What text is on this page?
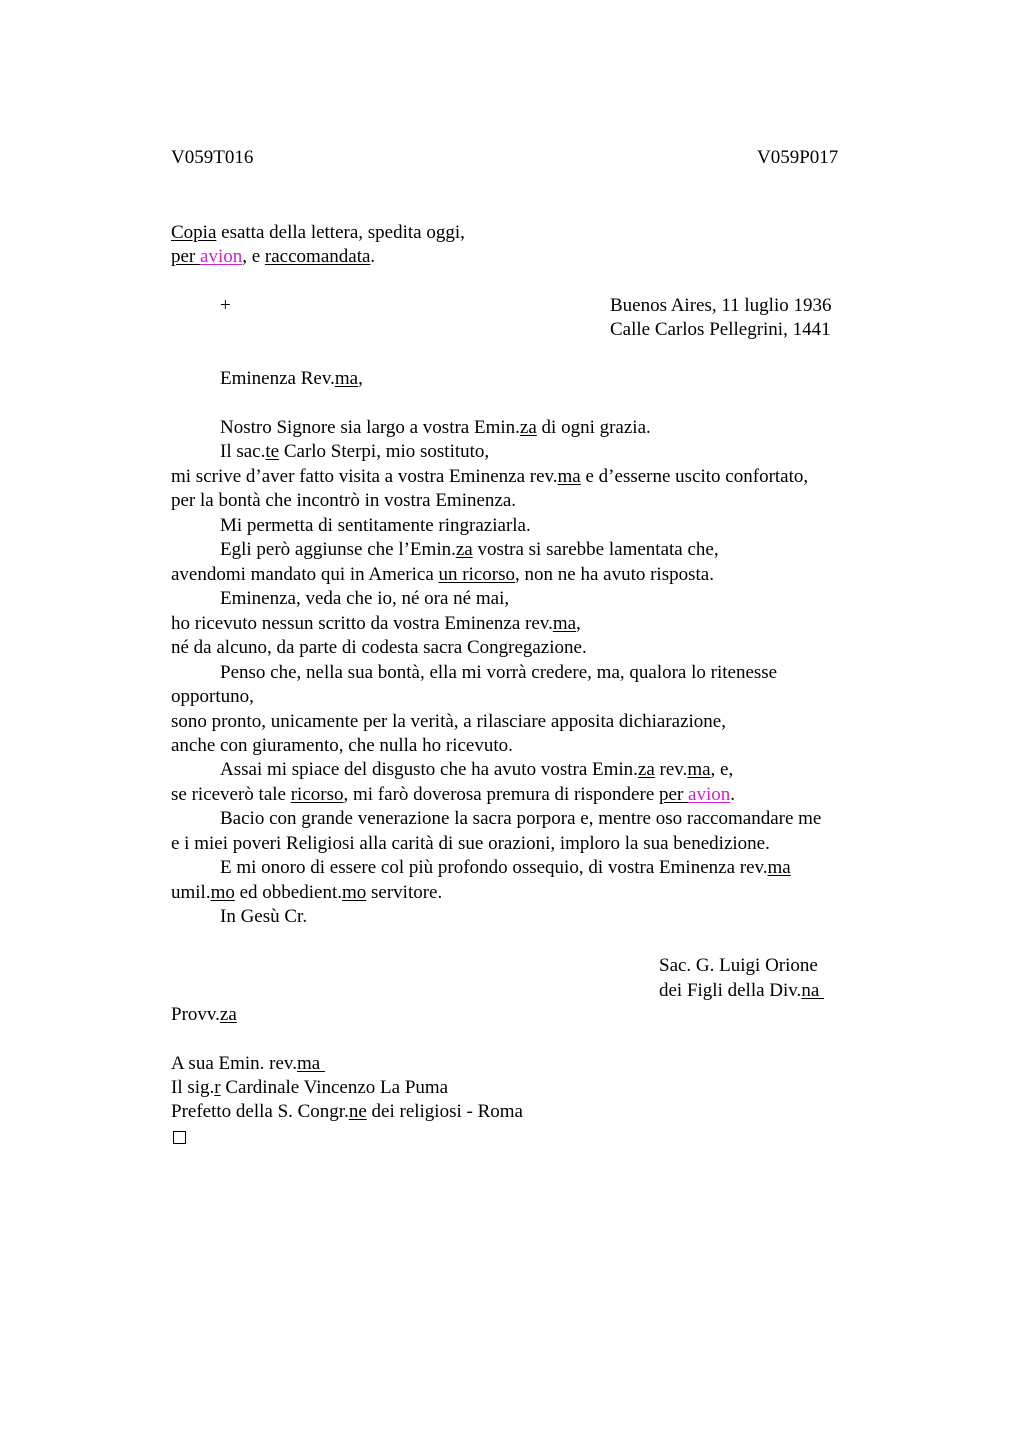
V059T016	V059P017
Copia esatta della lettera, spedita oggi,
per avion, e raccomandata.
+	Buenos Aires, 11 luglio 1936
Calle Carlos Pellegrini, 1441
Eminenza Rev.ma,
Nostro Signore sia largo a vostra Emin.za di ogni grazia.
Il sac.te Carlo Sterpi, mio sostituto,
mi scrive d’aver fatto visita a vostra Eminenza rev.ma e d’esserne uscito confortato,
per la bontà che incontrò in vostra Eminenza.
Mi permetta di sentitamente ringraziarla.
Egli però aggiunse che l’Emin.za vostra si sarebbe lamentata che,
avendomi mandato qui in America un ricorso, non ne ha avuto risposta.
Eminenza, veda che io, né ora né mai,
ho ricevuto nessun scritto da vostra Eminenza rev.ma,
né da alcuno, da parte di codesta sacra Congregazione.
Penso che, nella sua bontà, ella mi vorrà credere, ma, qualora lo ritenesse
opportuno,
sono pronto, unicamente per la verità, a rilasciare apposita dichiarazione,
anche con giuramento, che nulla ho ricevuto.
Assai mi spiace del disgusto che ha avuto vostra Emin.za rev.ma, e,
se riceverò tale ricorso, mi farò doverosa premura di rispondere per avion.
Bacio con grande venerazione la sacra porpora e, mentre oso raccomandare me
e i miei poveri Religiosi alla carità di sue orazioni, imploro la sua benedizione.
E mi onoro di essere col più profondo ossequio, di vostra Eminenza rev.ma
umil.mo ed obbedient.mo servitore.
In Gesù Cr.
Sac. G. Luigi Orione
dei Figli della Div.na
Provv.za
A sua Emin. rev.ma
Il sig.r Cardinale Vincenzo La Puma
Prefetto della S. Congr.ne dei religiosi - Roma
